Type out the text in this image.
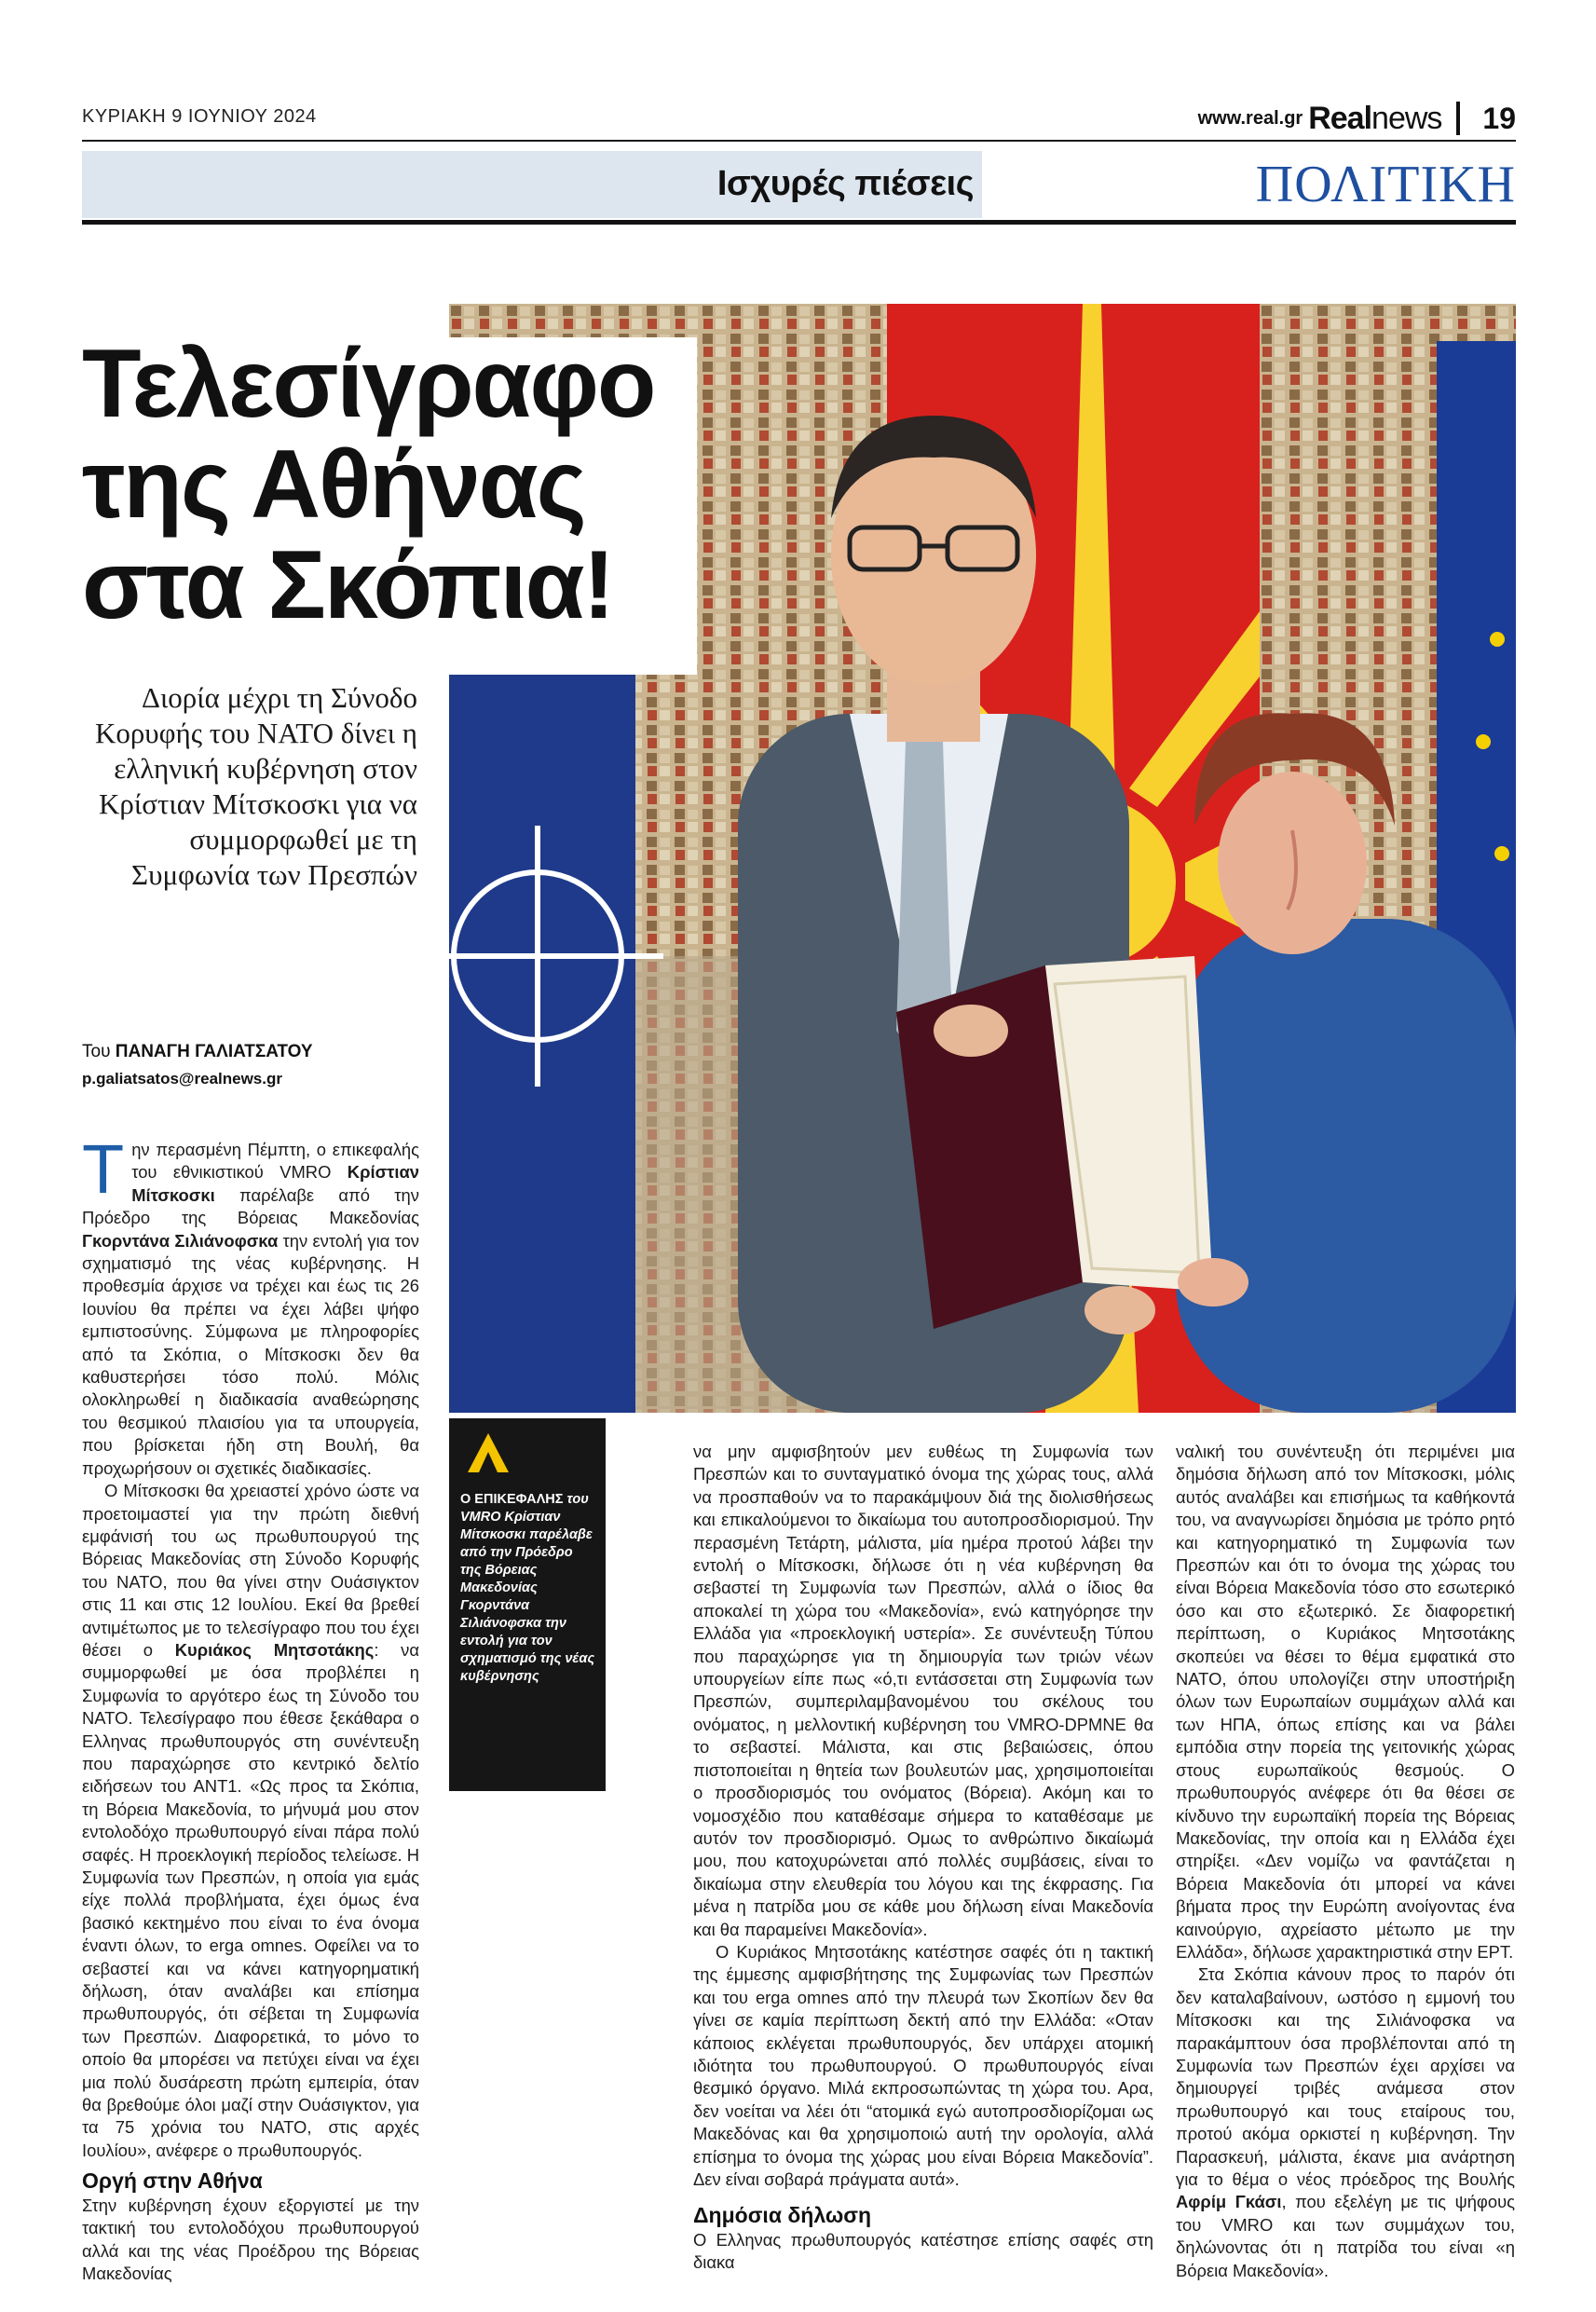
ΚΥΡΙΑΚΗ 9 ΙΟΥΝΙΟΥ 2024	www.real.gr Realnews 19
Ισχυρές πιέσεις	ΠΟΛΙΤΙΚΗ
Τελεσίγραφο
της Αθήνας
στα Σκόπια!
Διορία μέχρι τη Σύνοδο Κορυφής του ΝΑΤΟ δίνει η ελληνική κυβέρνηση στον Κρίστιαν Μίτσκοσκι για να συμμορφωθεί με τη Συμφωνία των Πρεσπών
Του ΠΑΝΑΓΗ ΓΑΛΙΑΤΣΑΤΟΥ
p.galiatsatos@realnews.gr
Ο ΕΠΙΚΕΦΑΛΗΣ του VMRO Κρίστιαν Μίτσκοσκι παρέλαβε από την Πρόεδρο της Βόρειας Μακεδονίας Γκορντάνα Σιλιάνοφσκα την εντολή για τον σχηματισμό της νέας κυβέρνησης

Την περασμένη Πέμπτη, ο επικεφαλής του εθνικιστικού VMRO Κρίστιαν Μίτσκοσκι παρέλαβε από την Πρόεδρο της Βόρειας Μακεδονίας Γκορντάνα Σιλιάνοφσκα την εντολή για τον σχηματισμό της νέας κυβέρνησης. Η προθεσμία άρχισε να τρέχει και έως τις 26 Ιουνίου θα πρέπει να έχει λάβει ψήφο εμπιστοσύνης. Σύμφωνα με πληροφορίες από τα Σκόπια, ο Μίτσκοσκι δεν θα καθυστερήσει τόσο πολύ. Μόλις ολοκληρωθεί η διαδικασία αναθεώρησης του θεσμικού πλαισίου για τα υπουργεία, που βρίσκεται ήδη στη Βουλή, θα προχωρήσουν οι σχετικές διαδικασίες.

Ο Μίτσκοσκι θα χρειαστεί χρόνο ώστε να προετοιμαστεί για την πρώτη διεθνή εμφάνισή του ως πρωθυπουργού της Βόρειας Μακεδονίας στη Σύνοδο Κορυφής του ΝΑΤΟ, που θα γίνει στην Ουάσιγκτον στις 11 και στις 12 Ιουλίου. Εκεί θα βρεθεί αντιμέτωπος με το τελεσίγραφο που του έχει θέσει ο Κυριάκος Μητσοτάκης: να συμμορφωθεί με όσα προβλέπει η Συμφωνία το αργότερο έως τη Σύνοδο του ΝΑΤΟ. Τελεσίγραφο που έθεσε ξεκάθαρα ο Ελληνας πρωθυπουργός στη συνέντευξη που παραχώρησε στο κεντρικό δελτίο ειδήσεων του ΑΝΤ1. «Ως προς τα Σκόπια, τη Βόρεια Μακεδονία, το μήνυμά μου στον εντολοδόχο πρωθυπουργό είναι πάρα πολύ σαφές. Η προεκλογική περίοδος τελείωσε. Η Συμφωνία των Πρεσπών, η οποία για εμάς είχε πολλά προβλήματα, έχει όμως ένα βασικό κεκτημένο που είναι το ένα όνομα έναντι όλων, το erga omnes. Οφείλει να το σεβαστεί και να κάνει κατηγορηματική δήλωση, όταν αναλάβει και επίσημα πρωθυπουργός, ότι σέβεται τη Συμφωνία των Πρεσπών. Διαφορετικά, το μόνο το οποίο θα μπορέσει να πετύχει είναι να έχει μια πολύ δυσάρεστη πρώτη εμπειρία, όταν θα βρεθούμε όλοι μαζί στην Ουάσιγκτον, για τα 75 χρόνια του ΝΑΤΟ, στις αρχές Ιουλίου», ανέφερε ο πρωθυπουργός.

Οργή στην Αθήνα

Στην κυβέρνηση έχουν εξοργιστεί με την τακτική του εντολοδόχου πρωθυπουργού αλλά και της νέας Προέδρου της Βόρειας Μακεδονίας

να μην αμφισβητούν μεν ευθέως τη Συμφωνία των Πρεσπών και το συνταγματικό όνομα της χώρας τους, αλλά να προσπαθούν να το παρακάμψουν διά της διολισθήσεως και επικαλούμενοι το δικαίωμα του αυτοπροσδιορισμού. Την περασμένη Τετάρτη, μάλιστα, μία ημέρα προτού λάβει την εντολή ο Μίτσκοσκι, δήλωσε ότι η νέα κυβέρνηση θα σεβαστεί τη Συμφωνία των Πρεσπών, αλλά ο ίδιος θα αποκαλεί τη χώρα του «Μακεδονία», ενώ κατηγόρησε την Ελλάδα για «προεκλογική υστερία». Σε συνέντευξη Τύπου που παραχώρησε για τη δημιουργία των τριών νέων υπουργείων είπε πως «ό,τι εντάσσεται στη Συμφωνία των Πρεσπών, συμπεριλαμβανομένου του σκέλους του ονόματος, η μελλοντική κυβέρνηση του VMRO-DPMNE θα το σεβαστεί. Μάλιστα, και στις βεβαιώσεις, όπου πιστοποιείται η θητεία των βουλευτών μας, χρησιμοποιείται ο προσδιορισμός του ονόματος (Βόρεια). Ακόμη και το νομοσχέδιο που καταθέσαμε σήμερα το καταθέσαμε με αυτόν τον προσδιορισμό. Ομως το ανθρώπινο δικαίωμά μου, που κατοχυρώνεται από πολλές συμβάσεις, είναι το δικαίωμα στην ελευθερία του λόγου και της έκφρασης. Για μένα η πατρίδα μου σε κάθε μου δήλωση είναι Μακεδονία και θα παραμείνει Μακεδονία».

Ο Κυριάκος Μητσοτάκης κατέστησε σαφές ότι η τακτική της έμμεσης αμφισβήτησης της Συμφωνίας των Πρεσπών και του erga omnes από την πλευρά των Σκοπίων δεν θα γίνει σε καμία περίπτωση δεκτή από την Ελλάδα: «Οταν κάποιος εκλέγεται πρωθυπουργός, δεν υπάρχει ατομική ιδιότητα του πρωθυπουργού. Ο πρωθυπουργός είναι θεσμικό όργανο. Μιλά εκπροσωπώντας τη χώρα του. Αρα, δεν νοείται να λέει ότι “ατομικά εγώ αυτοπροσδιορίζομαι ως Μακεδόνας και θα χρησιμοποιώ αυτή την ορολογία, αλλά επίσημα το όνομα της χώρας μου είναι Βόρεια Μακεδονία”. Δεν είναι σοβαρά πράγματα αυτά».

Δημόσια δήλωση

Ο Ελληνας πρωθυπουργός κατέστησε επίσης σαφές στη διακα

ναλική του συνέντευξη ότι περιμένει μια δημόσια δήλωση από τον Μίτσκοσκι, μόλις αυτός αναλάβει και επισήμως τα καθήκοντά του, να αναγνωρίσει δημόσια με τρόπο ρητό και κατηγορηματικό τη Συμφωνία των Πρεσπών και ότι το όνομα της χώρας του είναι Βόρεια Μακεδονία τόσο στο εσωτερικό όσο και στο εξωτερικό. Σε διαφορετική περίπτωση, ο Κυριάκος Μητσοτάκης σκοπεύει να θέσει το θέμα εμφατικά στο ΝΑΤΟ, όπου υπολογίζει στην υποστήριξη όλων των Ευρωπαίων συμμάχων αλλά και των ΗΠΑ, όπως επίσης και να βάλει εμπόδια στην πορεία της γειτονικής χώρας στους ευρωπαϊκούς θεσμούς. Ο πρωθυπουργός ανέφερε ότι θα θέσει σε κίνδυνο την ευρωπαϊκή πορεία της Βόρειας Μακεδονίας, την οποία και η Ελλάδα έχει στηρίξει. «Δεν νομίζω να φαντάζεται η Βόρεια Μακεδονία ότι μπορεί να κάνει βήματα προς την Ευρώπη ανοίγοντας ένα καινούργιο, αχρείαστο μέτωπο με την Ελλάδα», δήλωσε χαρακτηριστικά στην ΕΡΤ.

Στα Σκόπια κάνουν προς το παρόν ότι δεν καταλαβαίνουν, ωστόσο η εμμονή του Μίτσκοσκι και της Σιλιάνοφσκα να παρακάμπτουν όσα προβλέπονται από τη Συμφωνία των Πρεσπών έχει αρχίσει να δημιουργεί τριβές ανάμεσα στον πρωθυπουργό και τους εταίρους του, προτού ακόμα ορκιστεί η κυβέρνηση. Την Παρασκευή, μάλιστα, έκανε μια ανάρτηση για το θέμα ο νέος πρόεδρος της Βουλής Αφρίμ Γκάσι, που εξελέγη με τις ψήφους του VMRO και των συμμάχων του, δηλώνοντας ότι η πατρίδα του είναι «η Βόρεια Μακεδονία».
